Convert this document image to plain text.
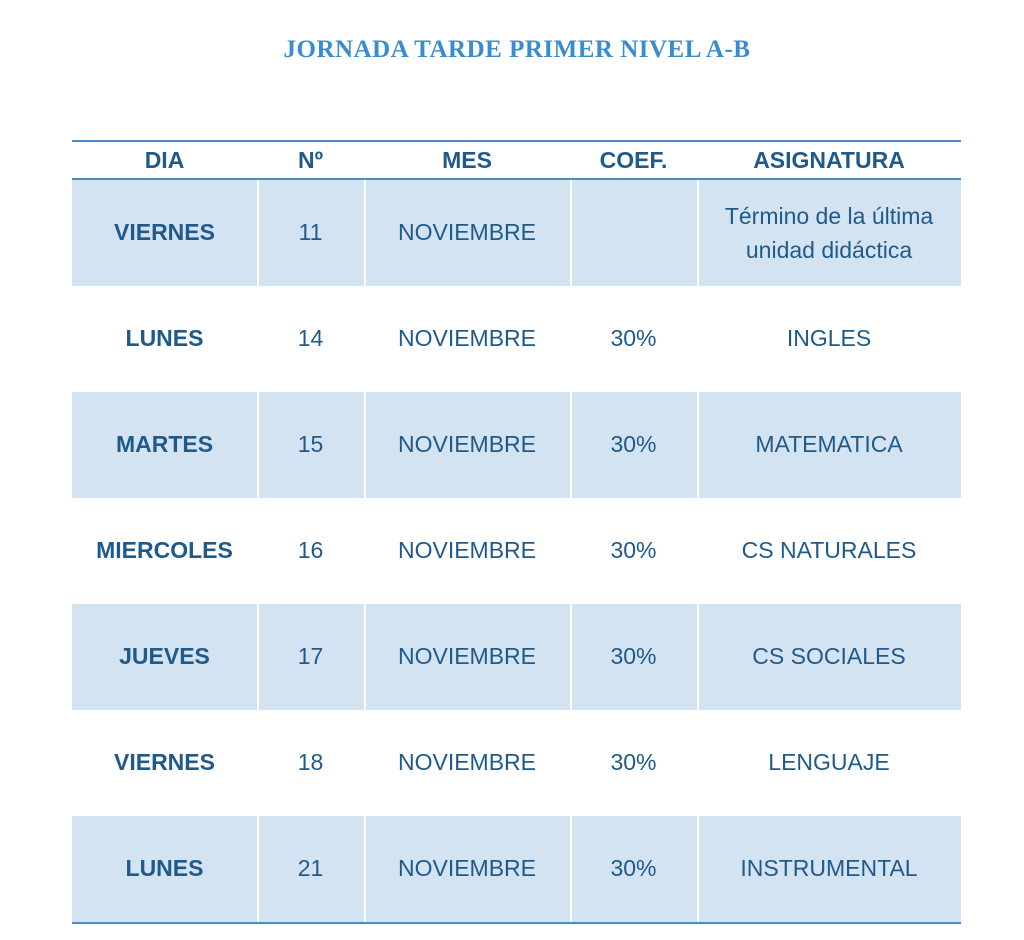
JORNADA TARDE PRIMER NIVEL A-B
DIA	Nº	MES	COEF.	ASIGNATURA
VIERNES	11	NOVIEMBRE		Término de la última unidad didáctica
LUNES	14	NOVIEMBRE	30%	INGLES
MARTES	15	NOVIEMBRE	30%	MATEMATICA
MIERCOLES	16	NOVIEMBRE	30%	CS NATURALES
JUEVES	17	NOVIEMBRE	30%	CS SOCIALES
VIERNES	18	NOVIEMBRE	30%	LENGUAJE
LUNES	21	NOVIEMBRE	30%	INSTRUMENTAL
